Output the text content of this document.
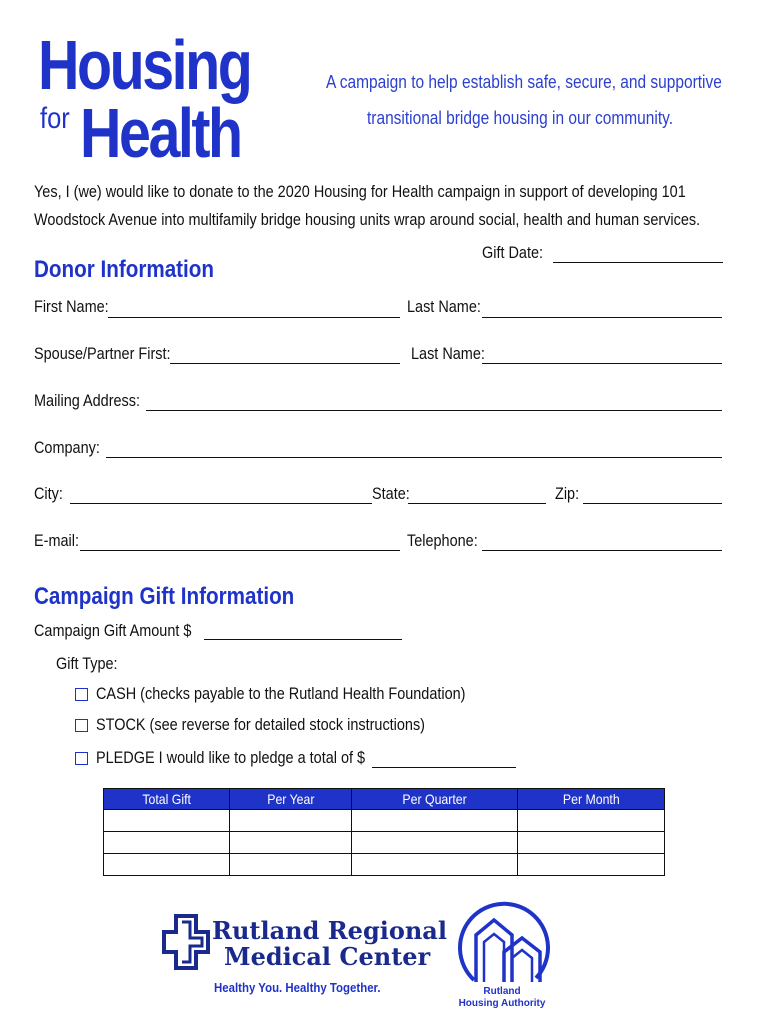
Housing
for Health
A campaign to help establish safe, secure, and supportive
transitional bridge housing in our community.
Yes, I (we) would like to donate to the 2020 Housing for Health campaign in support of developing 101
Woodstock Avenue into multifamily bridge housing units wrap around social, health and human services.
Gift Date:
Donor Information
First Name:	Last Name:
Spouse/Partner First:	Last Name:
Mailing Address:
Company:
City:	State:	Zip:
E-mail:	Telephone:
Campaign Gift Information
Campaign Gift Amount $
Gift Type:
CASH (checks payable to the Rutland Health Foundation)
STOCK (see reverse for detailed stock instructions)
PLEDGE I would like to pledge a total of $
Total Gift	Per Year	Per Quarter	Per Month

Rutland Regional
Medical Center
Healthy You. Healthy Together.	Rutland
Housing Authority
